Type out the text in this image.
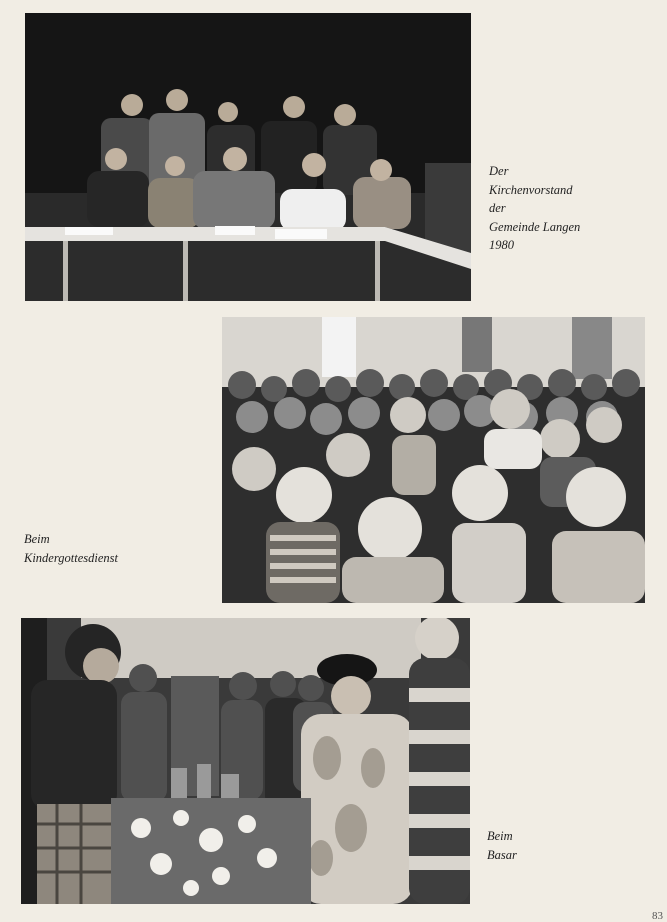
Der
Kirchenvorstand
der
Gemeinde Langen
1980
Beim
Kindergottesdienst
Beim
Basar
83
